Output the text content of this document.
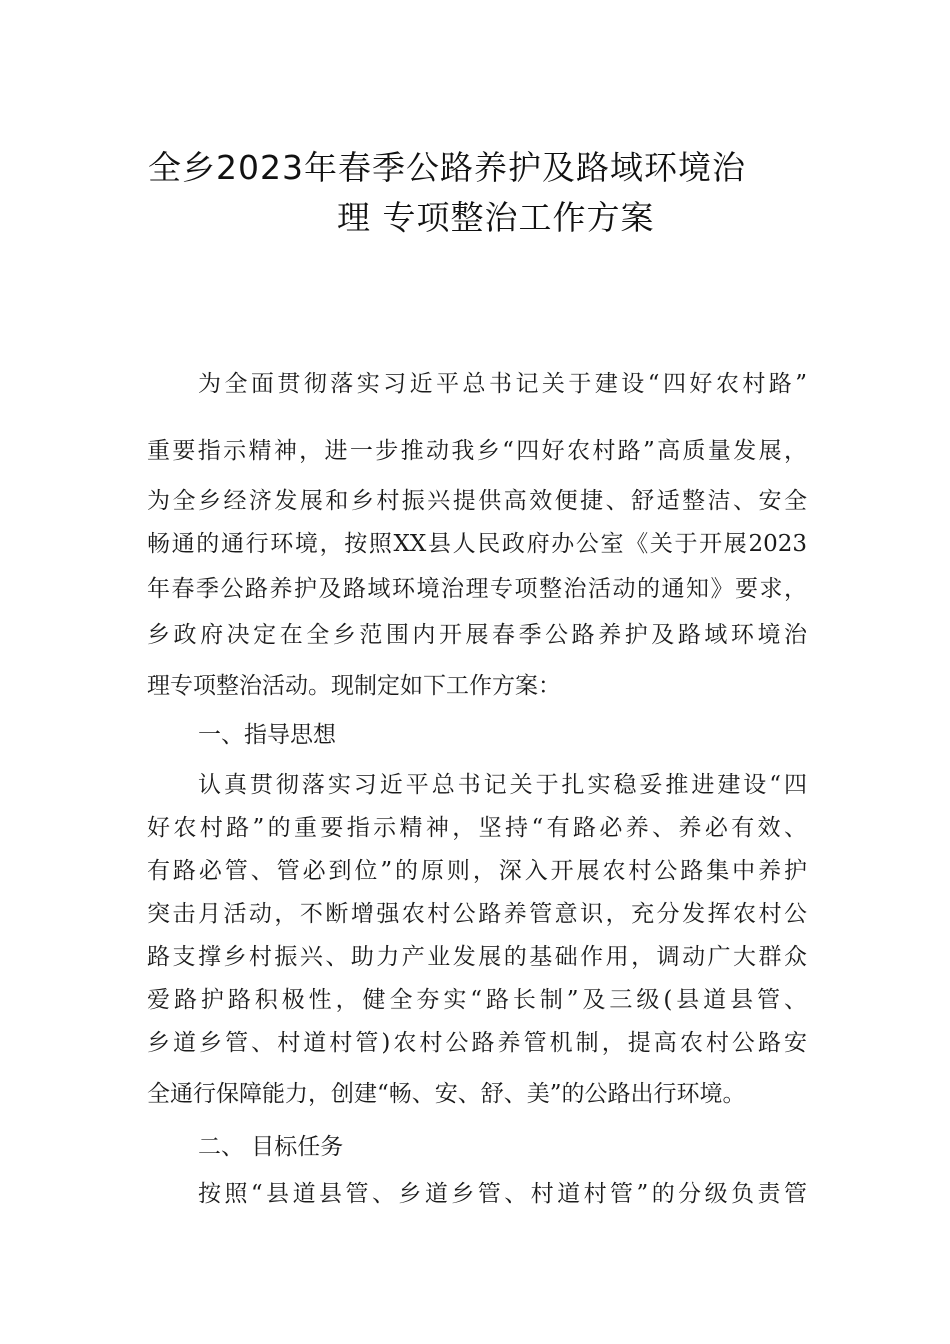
全乡2023年春季公路养护及路域环境治
理 专项整治工作方案
为全面贯彻落实习近平总书记关于建设“四好农村路”
重要指示精神，进一步推动我乡“四好农村路”高质量发展，
为全乡经济发展和乡村振兴提供高效便捷、舒适整洁、安全
畅通的通行环境，按照XX县人民政府办公室《关于开展2023
年春季公路养护及路域环境治理专项整治活动的通知》要求，
乡政府决定在全乡范围内开展春季公路养护及路域环境治
理专项整治活动。现制定如下工作方案：
一、指导思想
认真贯彻落实习近平总书记关于扎实稳妥推进建设“四
好农村路”的重要指示精神，坚持“有路必养、养必有效、
有路必管、管必到位”的原则，深入开展农村公路集中养护
突击月活动，不断增强农村公路养管意识，充分发挥农村公
路支撑乡村振兴、助力产业发展的基础作用，调动广大群众
爱路护路积极性，健全夯实“路长制”及三级(县道县管、
乡道乡管、村道村管)农村公路养管机制，提高农村公路安
全通行保障能力，创建“畅、安、舒、美”的公路出行环境。
二、 目标任务
按照“县道县管、乡道乡管、村道村管”的分级负责管
